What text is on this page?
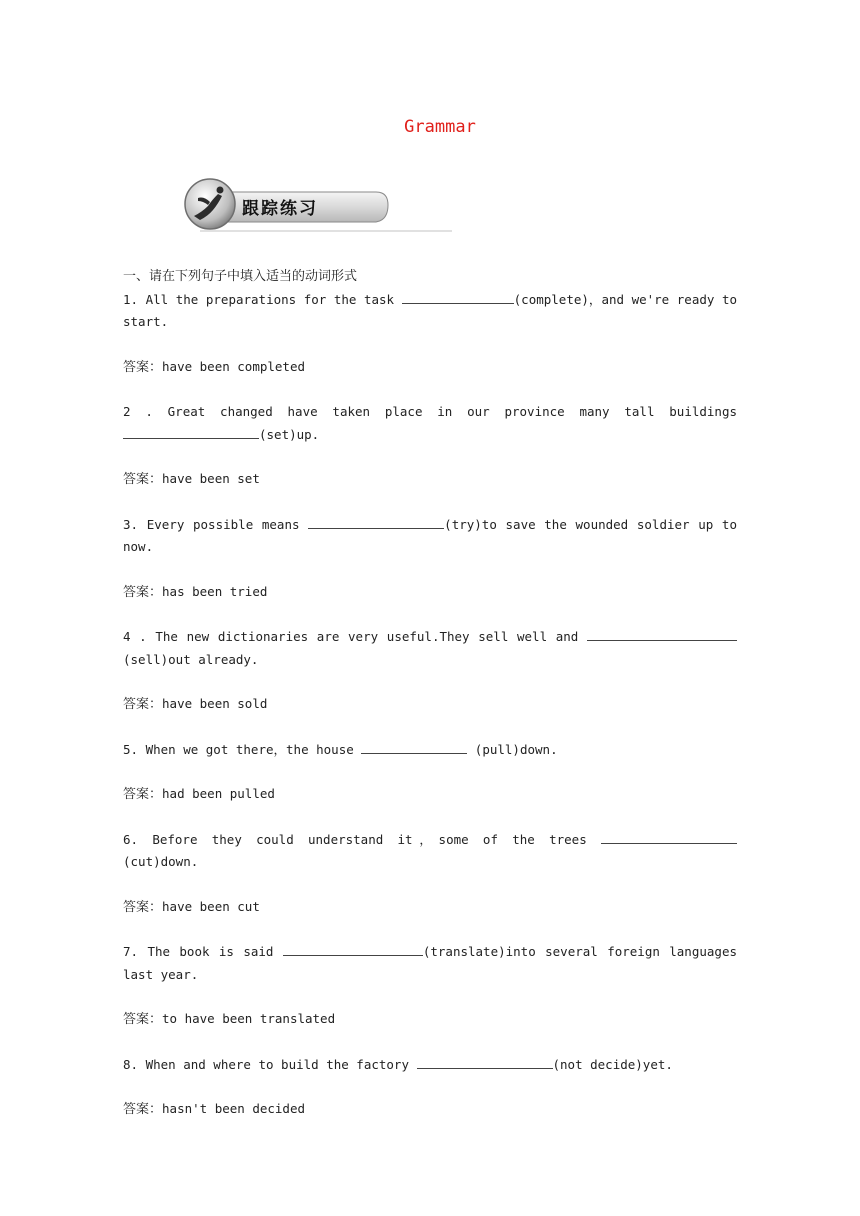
Grammar
跟踪练习

一、请在下列句子中填入适当的动词形式

1. All the preparations for the task	(complete)，and we're ready to start.

答案：have been completed

2 . Great changed have taken place in our province many tall buildings (set)up.

答案：have been set

3. Every possible means	(try)to save the wounded soldier up to now.

答案：has been tried

4 . The new dictionaries are very useful.They sell well and (sell)out already.

答案：have been sold

5. When we got there，the house	(pull)down.

答案：had been pulled

6. Before they could understand it，some of the trees (cut)down.

答案：have been cut

7. The book is said	(translate)into several foreign languages last year.

答案：to have been translated

8. When and where to build the factory	(not decide)yet.

答案：hasn't been decided
